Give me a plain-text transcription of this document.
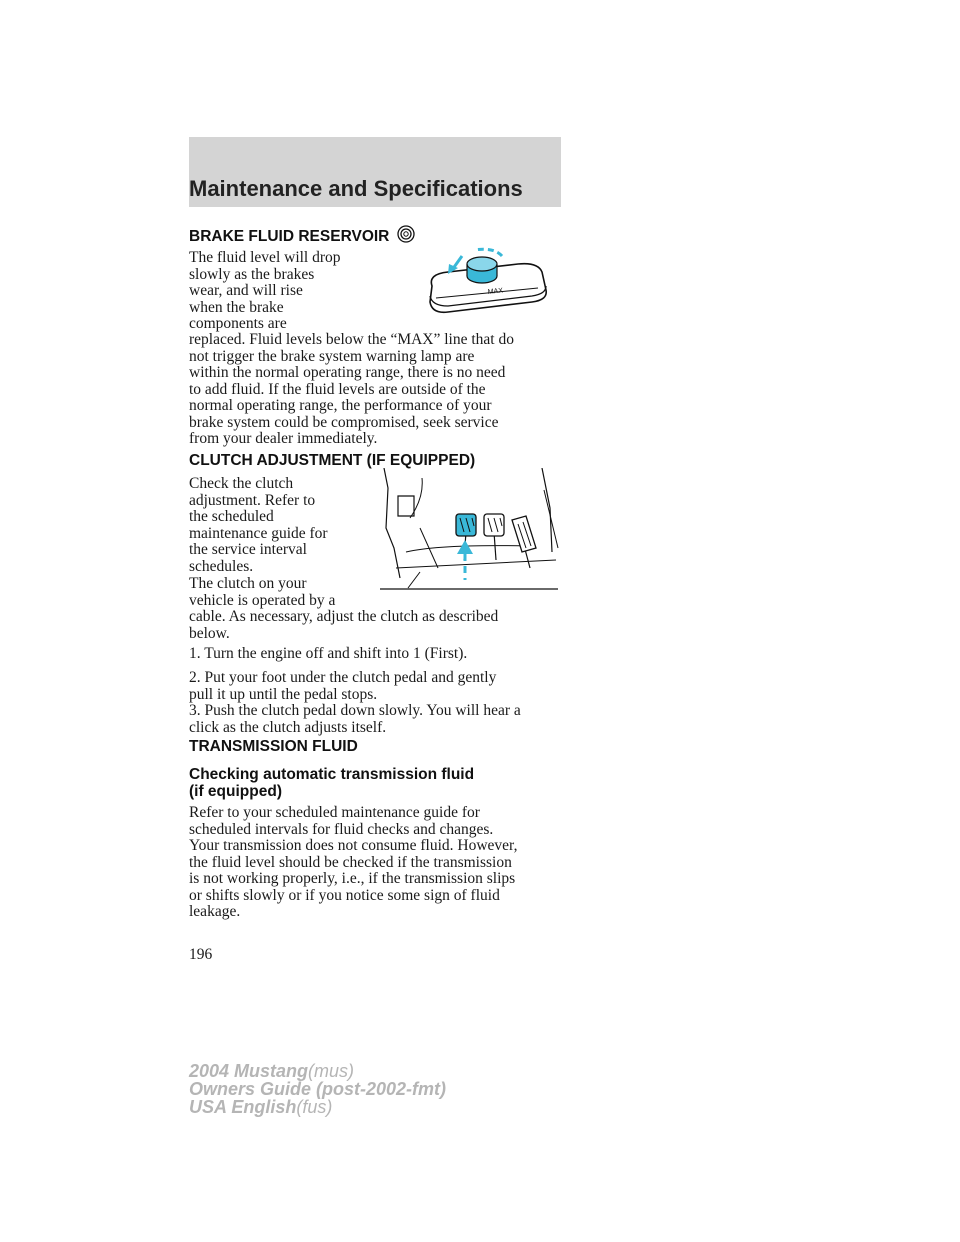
Maintenance and Specifications
BRAKE FLUID RESERVOIR
The fluid level will drop
slowly as the brakes
wear, and will rise
when the brake
components are
replaced. Fluid levels below the “MAX” line that do
not trigger the brake system warning lamp are
within the normal operating range, there is no need
to add fluid. If the fluid levels are outside of the
normal operating range, the performance of your
brake system could be compromised, seek service
from your dealer immediately.
MAX
CLUTCH ADJUSTMENT (IF EQUIPPED)
Check the clutch
adjustment. Refer to
the scheduled
maintenance guide for
the service interval
schedules.
The clutch on your
vehicle is operated by a
cable. As necessary, adjust the clutch as described
below.
1. Turn the engine off and shift into 1 (First).
2. Put your foot under the clutch pedal and gently
pull it up until the pedal stops.
3. Push the clutch pedal down slowly. You will hear a
click as the clutch adjusts itself.
TRANSMISSION FLUID
Checking automatic transmission fluid
(if equipped)
Refer to your scheduled maintenance guide for
scheduled intervals for fluid checks and changes.
Your transmission does not consume fluid. However,
the fluid level should be checked if the transmission
is not working properly, i.e., if the transmission slips
or shifts slowly or if you notice some sign of fluid
leakage.
196
2004 Mustang(mus)
Owners Guide (post-2002-fmt)
USA English(fus)
